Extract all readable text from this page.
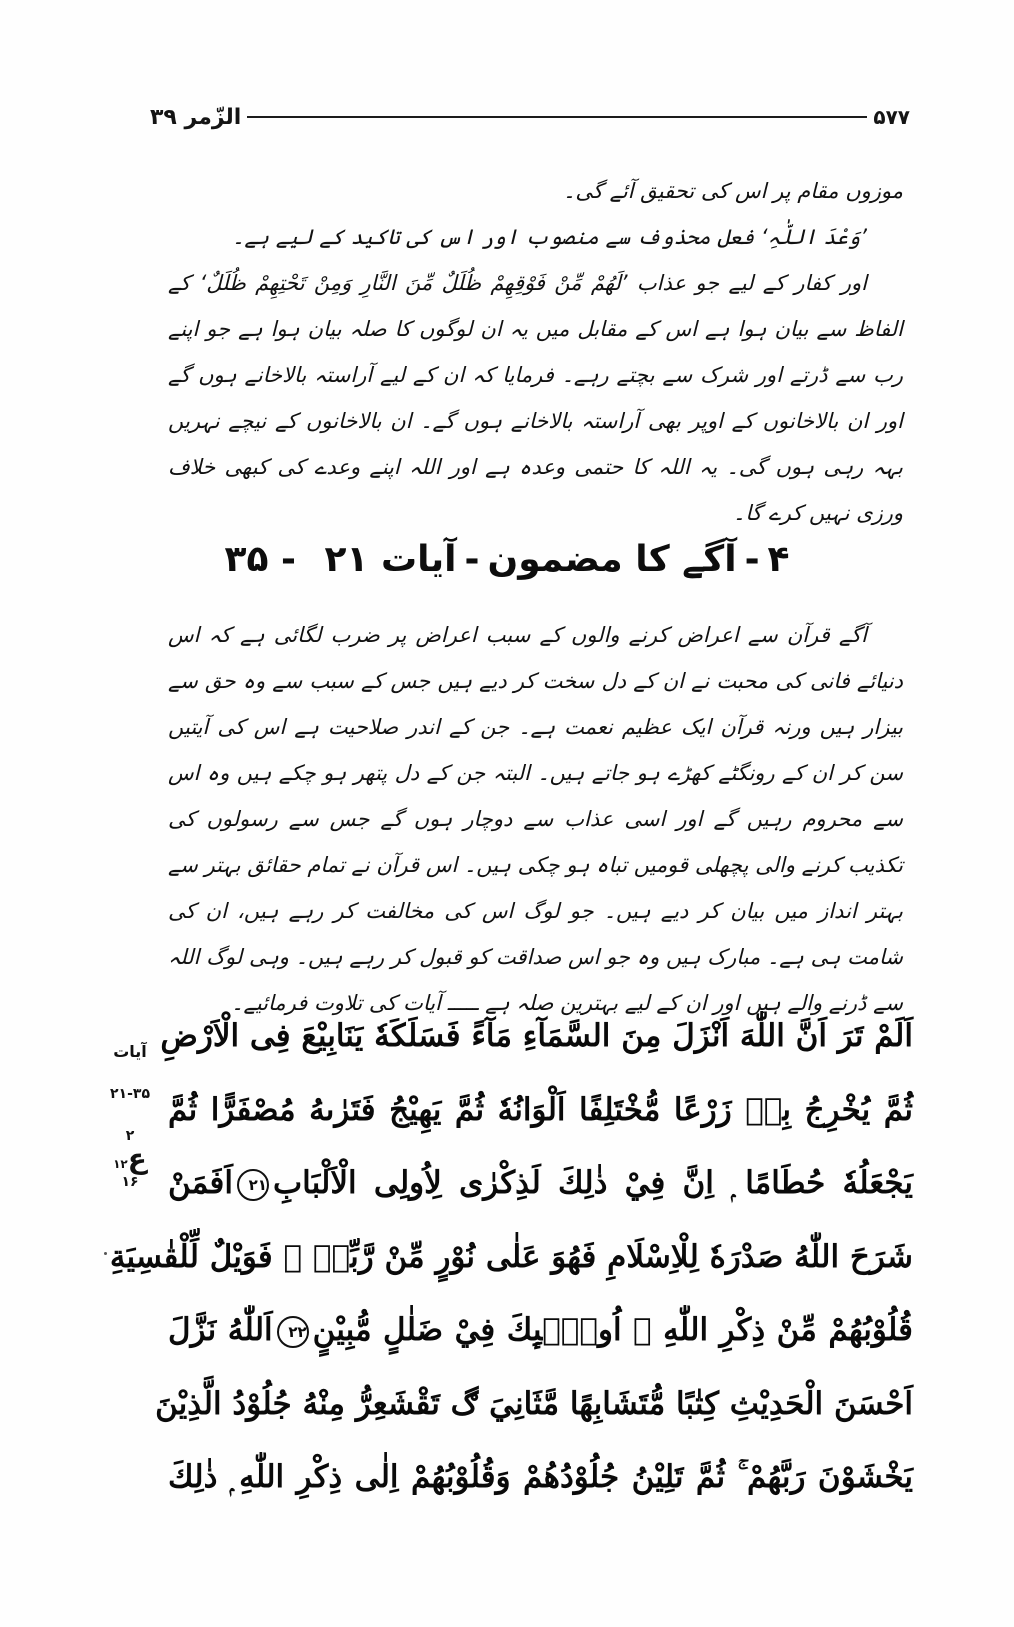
الزّمر ۳۹	۵۷۷

موزوں مقام پر اس کی تحقیق آئے گی۔

’وَعْدَ اللّٰہِ‘ فعل محذوف سے منصوب اور اس کی تاکید کے لیے ہے۔

اور کفار کے لیے جو عذاب ’لَھُمْ مِّنْ فَوْقِھِمْ ظُلَلٌ مِّنَ النَّارِ وَمِنْ تَحْتِھِمْ ظُلَلٌ‘ کے الفاظ سے بیان ہوا ہے اس کے مقابل میں یہ ان لوگوں کا صلہ بیان ہوا ہے جو اپنے رب سے ڈرتے اور شرک سے بچتے رہے۔ فرمایا کہ ان کے لیے آراستہ بالاخانے ہوں گے اور ان بالاخانوں کے اوپر بھی آراستہ بالاخانے ہوں گے۔ ان بالاخانوں کے نیچے نہریں بہہ رہی ہوں گی۔ یہ اللہ کا حتمی وعدہ ہے اور اللہ اپنے وعدے کی کبھی خلاف ورزی نہیں کرے گا۔

۴-آگے کا مضمون-آیات ۲۱ - ۳۵

آگے قرآن سے اعراض کرنے والوں کے سبب اعراض پر ضرب لگائی ہے کہ اس دنیائے فانی کی محبت نے ان کے دل سخت کر دیے ہیں جس کے سبب سے وہ حق سے بیزار ہیں ورنہ قرآن ایک عظیم نعمت ہے۔ جن کے اندر صلاحیت ہے اس کی آیتیں سن کر ان کے رونگٹے کھڑے ہو جاتے ہیں۔ البتہ جن کے دل پتھر ہو چکے ہیں وہ اس سے محروم رہیں گے اور اسی عذاب سے دوچار ہوں گے جس سے رسولوں کی تکذیب کرنے والی پچھلی قومیں تباہ ہو چکی ہیں۔ اس قرآن نے تمام حقائق بہتر سے بہتر انداز میں بیان کر دیے ہیں۔ جو لوگ اس کی مخالفت کر رہے ہیں، ان کی شامت ہی ہے۔ مبارک ہیں وہ جو اس صداقت کو قبول کر رہے ہیں۔ وہی لوگ اللہ سے ڈرنے والے ہیں اور ان کے لیے بہترین صلہ ہے ـــــ آیات کی تلاوت فرمائیے۔

آیات
۲۱-۳۵
۲
ع۱۲
۱۶
اَلَمْ تَرَ اَنَّ اللّٰهَ اَنْزَلَ مِنَ السَّمَآءِ مَآءً فَسَلَكَهٗ يَنَابِيْعَ فِى الْاَرْضِ
ثُمَّ يُخْرِجُ بِهٖ زَرْعًا مُّخْتَلِفًا اَلْوَانُهٗ ثُمَّ يَهِيْجُ فَتَرٰىهُ مُصْفَرًّا ثُمَّ
يَجْعَلُهٗ حُطَامًا ۭ اِنَّ فِيْ ذٰلِكَ لَذِكْرٰى لِاُولِى الْاَلْبَابِ۲۱اَفَمَنْ
شَرَحَ اللّٰهُ صَدْرَهٗ لِلْاِسْلَامِ فَهُوَ عَلٰى نُوْرٍ مِّنْ رَّبِّهٖ ۭ فَوَيْلٌ لِّلْقٰسِيَةِ
قُلُوْبُهُمْ مِّنْ ذِكْرِ اللّٰهِ ۭ اُولٰۗىِٕكَ فِيْ ضَلٰلٍ مُّبِيْنٍ۲۲اَللّٰهُ نَزَّلَ
اَحْسَنَ الْحَدِيْثِ كِتٰبًا مُّتَشَابِهًا مَّثَانِيَ ڰ تَقْشَعِرُّ مِنْهُ جُلُوْدُ الَّذِيْنَ
يَخْشَوْنَ رَبَّهُمْ ۚ ثُمَّ تَلِيْنُ جُلُوْدُهُمْ وَقُلُوْبُهُمْ اِلٰى ذِكْرِ اللّٰهِ ۭ ذٰلِكَ
